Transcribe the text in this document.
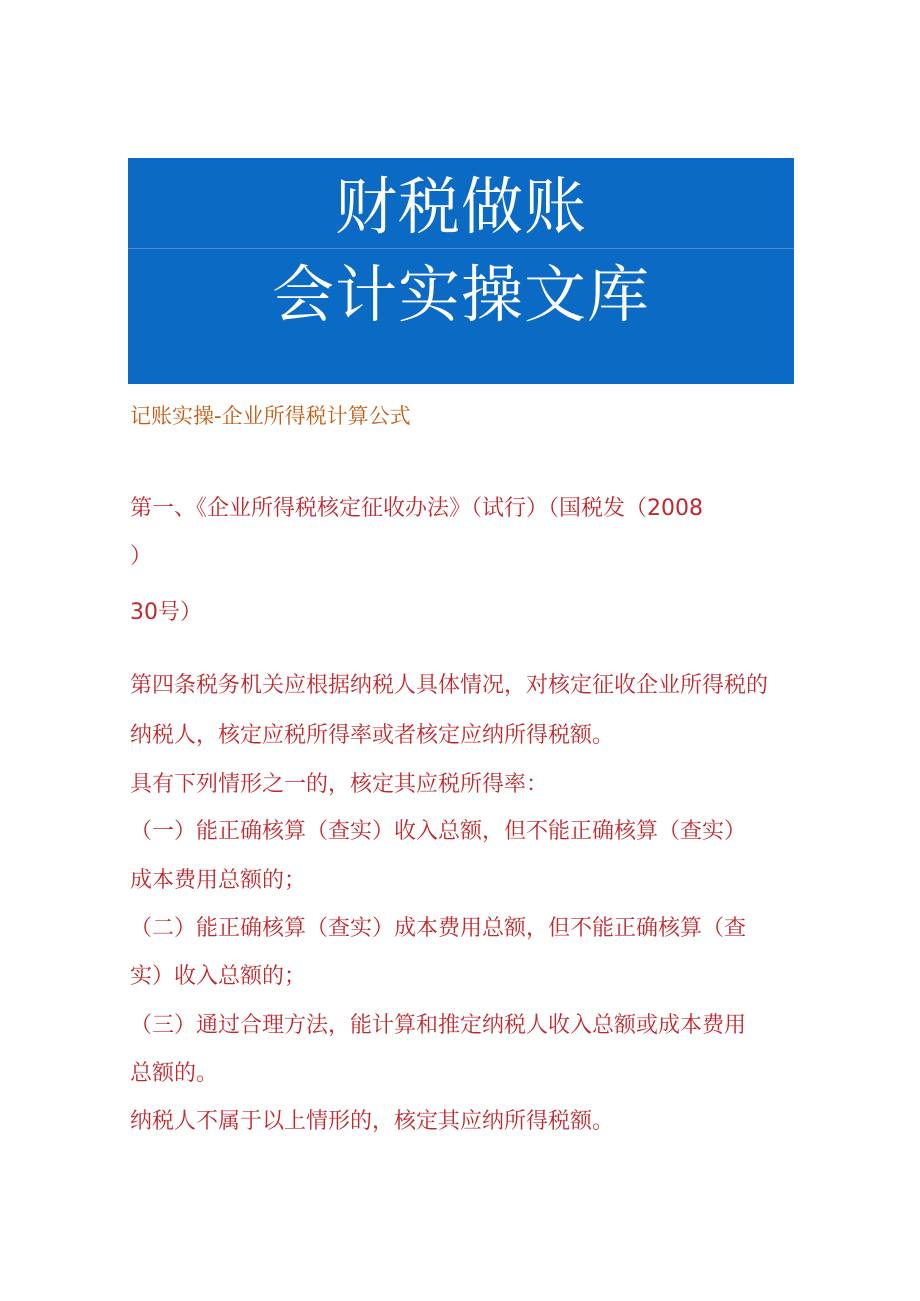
财税做账
会计实操文库
记账实操-企业所得税计算公式
第一、《企业所得税核定征收办法》（试行）（国税发（2008
）
30号）
第四条税务机关应根据纳税人具体情况，对核定征收企业所得税的
纳税人，核定应税所得率或者核定应纳所得税额。
具有下列情形之一的，核定其应税所得率：
（一）能正确核算（查实）收入总额，但不能正确核算（查实）
成本费用总额的；
（二）能正确核算（查实）成本费用总额，但不能正确核算（查
实）收入总额的；
（三）通过合理方法，能计算和推定纳税人收入总额或成本费用
总额的。
纳税人不属于以上情形的，核定其应纳所得税额。
